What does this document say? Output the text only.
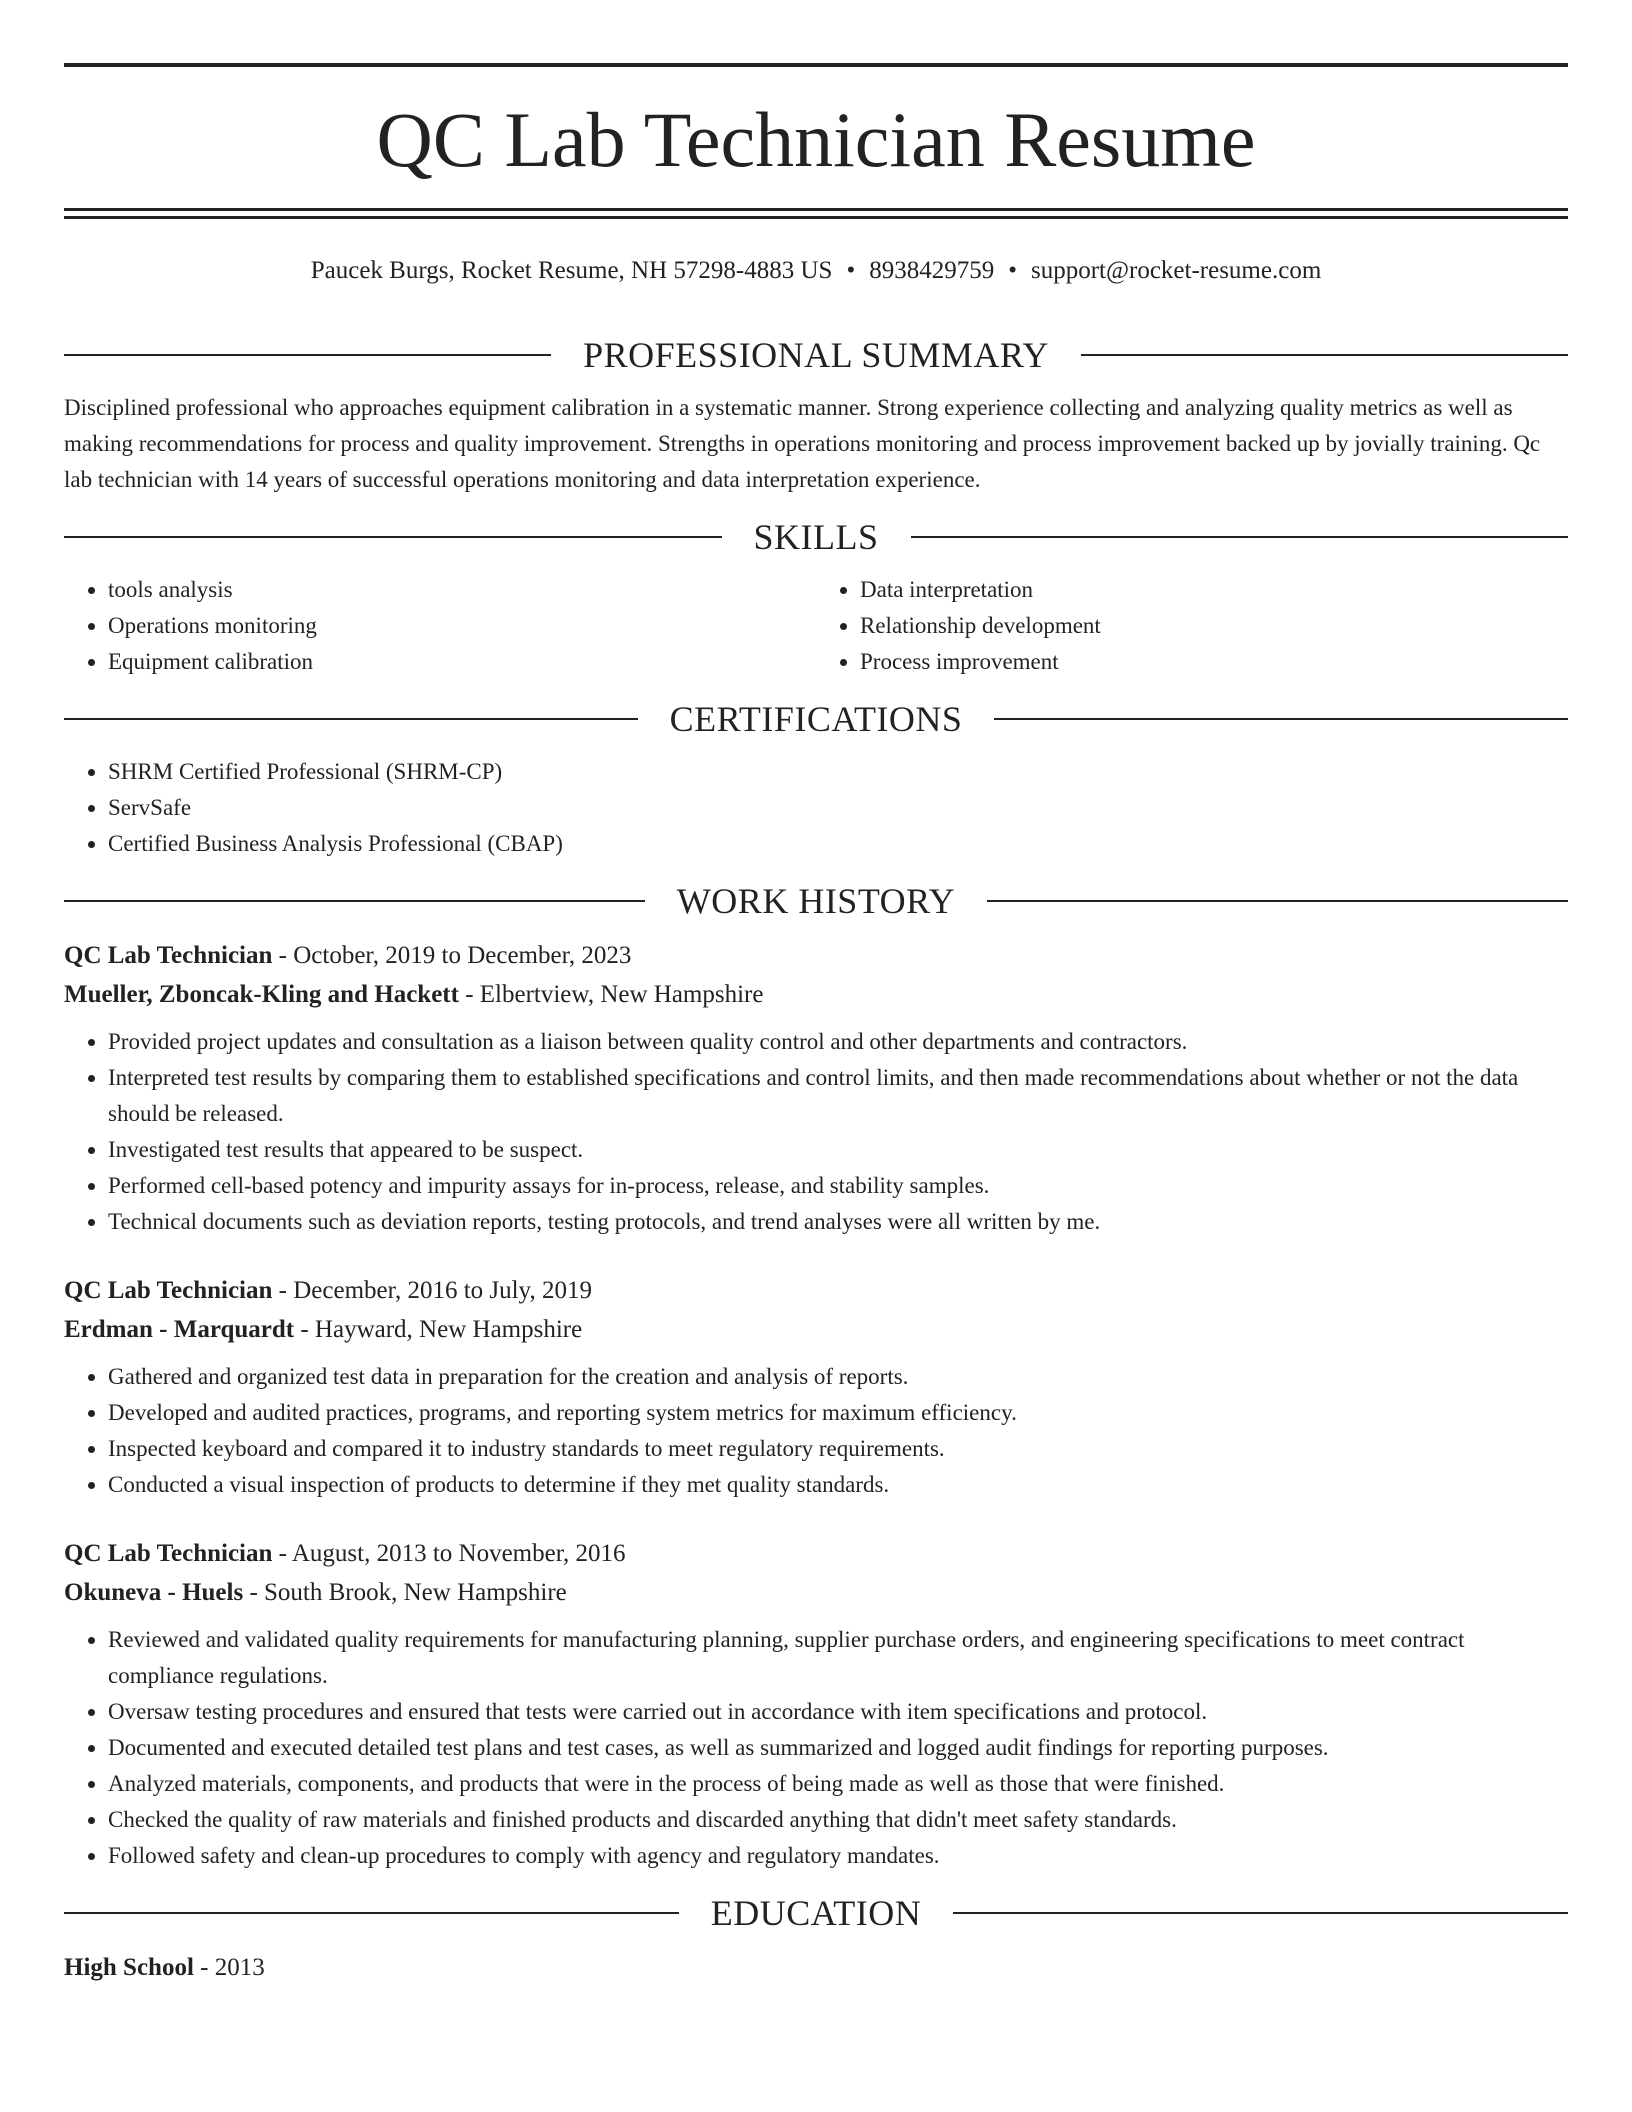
QC Lab Technician Resume
Paucek Burgs, Rocket Resume, NH 57298-4883 US • 8938429759 • support@rocket-resume.com
PROFESSIONAL SUMMARY

Disciplined professional who approaches equipment calibration in a systematic manner. Strong experience collecting and analyzing quality metrics as well as making recommendations for process and quality improvement. Strengths in operations monitoring and process improvement backed up by jovially training. Qc lab technician with 14 years of successful operations monitoring and data interpretation experience.

SKILLS
• tools analysis
• Operations monitoring
• Equipment calibration
• Data interpretation
• Relationship development
• Process improvement
CERTIFICATIONS
• SHRM Certified Professional (SHRM-CP)
• ServSafe
• Certified Business Analysis Professional (CBAP)
WORK HISTORY

QC Lab Technician - October, 2019 to December, 2023

Mueller, Zboncak-Kling and Hackett - Elbertview, New Hampshire

• Provided project updates and consultation as a liaison between quality control and other departments and contractors.
• Interpreted test results by comparing them to established specifications and control limits, and then made recommendations about whether or not the data should be released.
• Investigated test results that appeared to be suspect.
• Performed cell-based potency and impurity assays for in-process, release, and stability samples.
• Technical documents such as deviation reports, testing protocols, and trend analyses were all written by me.

QC Lab Technician - December, 2016 to July, 2019

Erdman - Marquardt - Hayward, New Hampshire

• Gathered and organized test data in preparation for the creation and analysis of reports.
• Developed and audited practices, programs, and reporting system metrics for maximum efficiency.
• Inspected keyboard and compared it to industry standards to meet regulatory requirements.
• Conducted a visual inspection of products to determine if they met quality standards.

QC Lab Technician - August, 2013 to November, 2016

Okuneva - Huels - South Brook, New Hampshire

• Reviewed and validated quality requirements for manufacturing planning, supplier purchase orders, and engineering specifications to meet contract compliance regulations.
• Oversaw testing procedures and ensured that tests were carried out in accordance with item specifications and protocol.
• Documented and executed detailed test plans and test cases, as well as summarized and logged audit findings for reporting purposes.
• Analyzed materials, components, and products that were in the process of being made as well as those that were finished.
• Checked the quality of raw materials and finished products and discarded anything that didn't meet safety standards.
• Followed safety and clean-up procedures to comply with agency and regulatory mandates.
EDUCATION

High School - 2013
